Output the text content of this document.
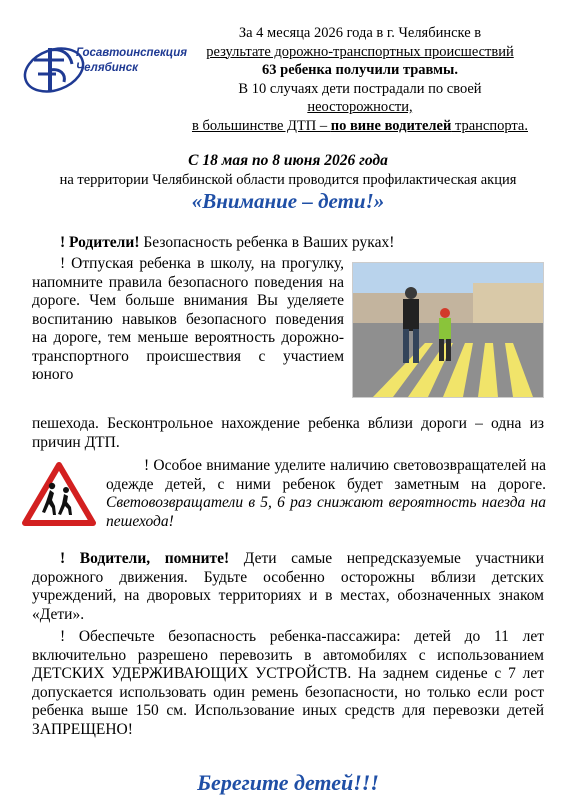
Госавтоинспекция
Челябинск
За 4 месяца 2026 года в г. Челябинске в
результате дорожно-транспортных происшествий
63 ребенка получили травмы.
В 10 случаях дети пострадали по своей
неосторожности,
в большинстве ДТП – по вине водителей транспорта.
С 18 мая по 8 июня 2026 года
на территории Челябинской области проводится профилактическая акция
«Внимание – дети!»
! Родители! Безопасность ребенка в Ваших руках!
! Отпуская ребенка в школу, на прогулку, напомните правила безопасного поведения на дороге. Чем больше внимания Вы уделяете воспитанию навыков безопасного поведения на дороге, тем меньше вероятность дорожно-транспортного происшествия с участием юного
пешехода. Бесконтрольное нахождение ребенка вблизи дороги – одна из причин ДТП.
! Особое внимание уделите наличию световозвращателей на одежде детей, с ними ребенок будет заметным на дороге. Световозвращатели в 5, 6 раз снижают вероятность наезда на пешехода!
! Водители, помните! Дети самые непредсказуемые участники дорожного движения. Будьте особенно осторожны вблизи детских учреждений, на дворовых территориях и в местах, обозначенных знаком «Дети».
! Обеспечьте безопасность ребенка-пассажира: детей до 11 лет включительно разрешено перевозить в автомобилях с использованием ДЕТСКИХ УДЕРЖИВАЮЩИХ УСТРОЙСТВ. На заднем сиденье с 7 лет допускается использовать один ремень безопасности, но только если рост ребенка выше 150 см. Использование иных средств для перевозки детей ЗАПРЕЩЕНО!
Берегите детей!!!
